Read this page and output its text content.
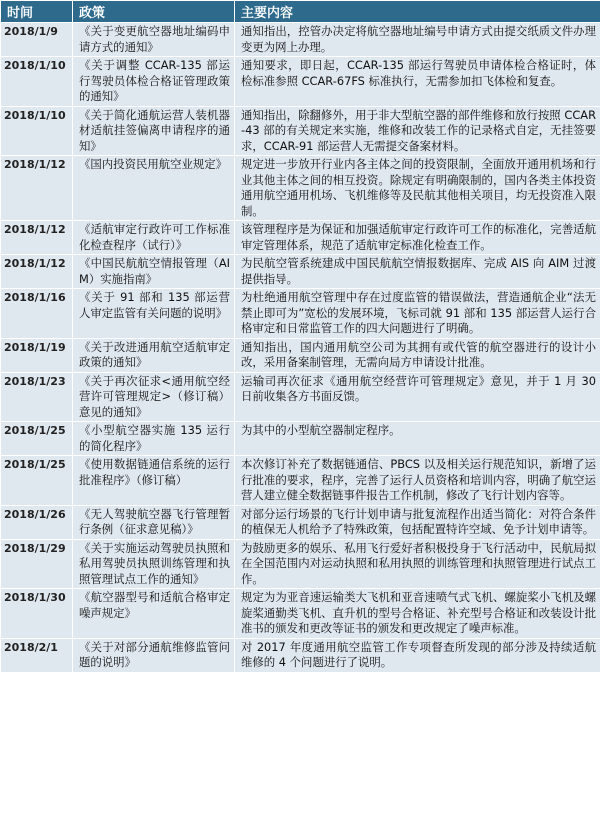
时间	政策	主要内容
2018/1/9	《关于变更航空器地址编码申请方式的通知》	通知指出，控管办决定将航空器地址编号申请方式由提交纸质文件办理变更为网上办理。
2018/1/10	《关于调整 CCAR-135 部运行驾驶员体检合格证管理政策的通知》	通知要求，即日起，CCAR-135 部运行驾驶员申请体检合格证时，体检标准参照 CCAR-67FS 标准执行，无需参加扣飞体检和复查。
2018/1/10	《关于简化通航运营人装机器材适航挂签偏离申请程序的通知》	通知指出，除翻修外，用于非大型航空器的部件维修和放行按照 CCAR-43 部的有关规定来实施，维修和改装工作的记录格式自定，无挂签要求，CCAR-91 部运营人无需提交备案材料。
2018/1/12	《国内投资民用航空业规定》	规定进一步放开行业内各主体之间的投资限制，全面放开通用机场和行业其他主体之间的相互投资。除规定有明确限制的，国内各类主体投资通用航空通用机场、飞机维修等及民航其他相关项目，均无投资准入限制。
2018/1/12	《适航审定行政许可工作标准化检查程序（试行）》	该管理程序是为保证和加强适航审定行政许可工作的标准化，完善适航审定管理体系，规范了适航审定标准化检查工作。
2018/1/12	《中国民航航空情报管理（AIM）实施指南》	为民航空管系统建成中国民航航空情报数据库、完成 AIS 向 AIM 过渡提供指导。
2018/1/16	《关于 91 部和 135 部运营人审定监管有关问题的说明》	为杜绝通用航空管理中存在过度监管的错误做法，营造通航企业“法无禁止即可为”宽松的发展环境，飞标司就 91 部和 135 部运营人运行合格审定和日常监管工作的四大问题进行了明确。
2018/1/19	《关于改进通用航空适航审定政策的通知》	通知指出，国内通用航空公司为其拥有或代管的航空器进行的设计小改，采用备案制管理，无需向局方申请设计批准。
2018/1/23	《关于再次征求<通用航空经营许可管理规定>（修订稿）意见的通知》	运输司再次征求《通用航空经营许可管理规定》意见，并于 1 月 30 日前收集各方书面反馈。
2018/1/25	《小型航空器实施 135 运行的简化程序》	为其中的小型航空器制定程序。
2018/1/25	《使用数据链通信系统的运行批准程序》（修订稿）	本次修订补充了数据链通信、PBCS 以及相关运行规范知识，新增了运行批准的要求，程序，完善了运行人员资格和培训内容，明确了航空运营人建立健全数据链事件报告工作机制，修改了飞行计划内容等。
2018/1/26	《无人驾驶航空器飞行管理暂行条例（征求意见稿）》	对部分运行场景的飞行计划申请与批复流程作出适当简化：对符合条件的植保无人机给予了特殊政策，包括配置特许空域、免予计划申请等。
2018/1/29	《关于实施运动驾驶员执照和私用驾驶员执照训练管理和执照管理试点工作的通知》	为鼓励更多的娱乐、私用飞行爱好者积极投身于飞行活动中，民航局拟在全国范围内对运动执照和私用执照的训练管理和执照管理进行试点工作。
2018/1/30	《航空器型号和适航合格审定噪声规定》	规定为为亚音速运输类大飞机和亚音速喷气式飞机、螺旋桨小飞机及螺旋桨通勤类飞机、直升机的型号合格证、补充型号合格证和改装设计批准书的颁发和更改等证书的颁发和更改规定了噪声标准。
2018/2/1	《关于对部分通航维修监管问题的说明》	对 2017 年度通用航空监管工作专项督查所发现的部分涉及持续适航维修的 4 个问题进行了说明。
